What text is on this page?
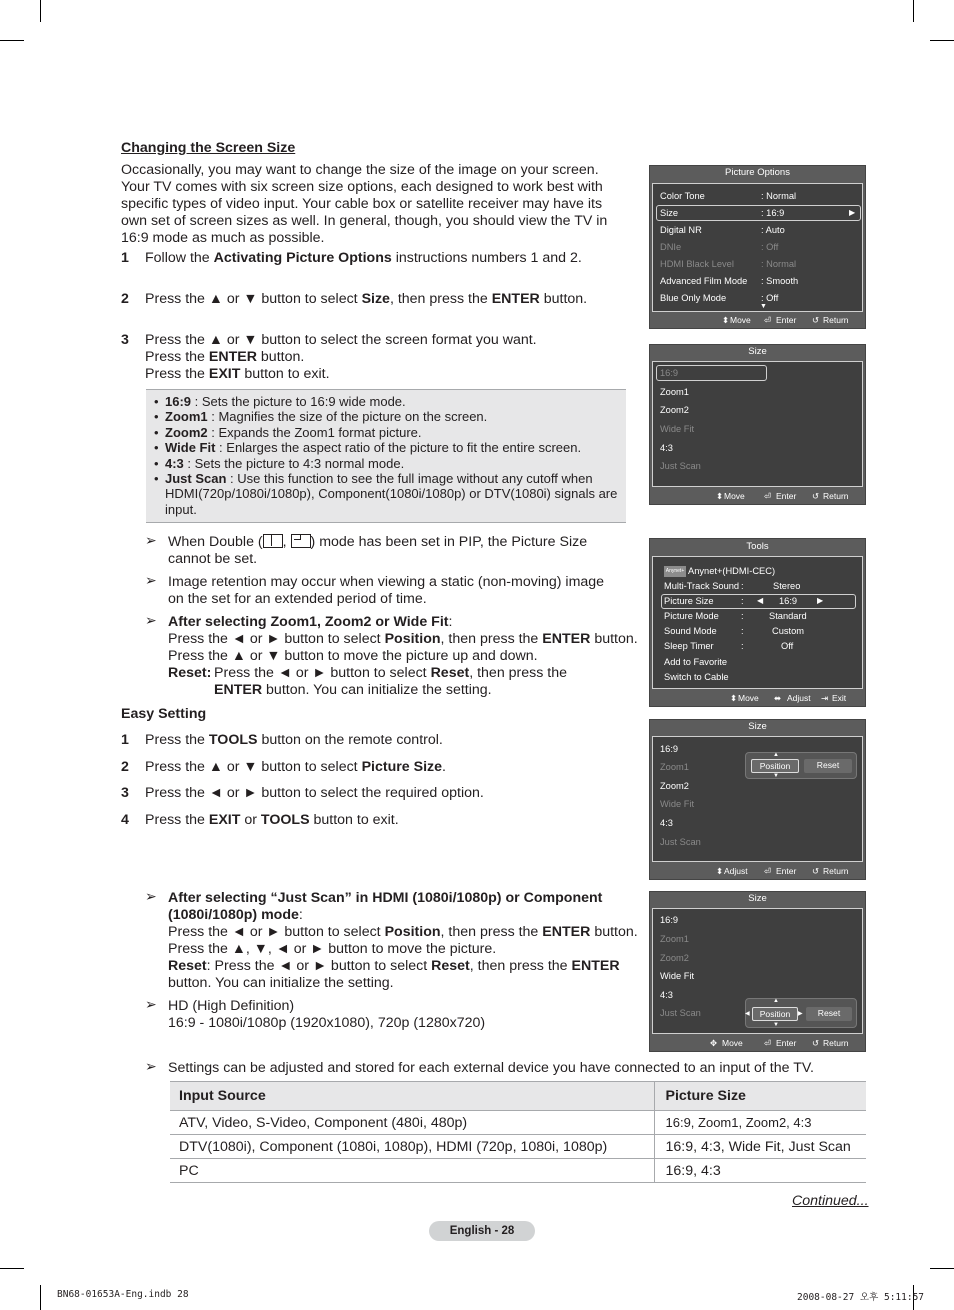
Changing the Screen Size
Occasionally, you may want to change the size of the image on your screen. Your TV comes with six screen size options, each designed to work best with specific types of video input. Your cable box or satellite receiver may have its own set of screen sizes as well. In general, though, you should view the TV in 16:9 mode as much as possible.
1	Follow the Activating Picture Options instructions numbers 1 and 2.
2	Press the ▲ or ▼ button to select Size, then press the ENTER button.
3	Press the ▲ or ▼ button to select the screen format you want.
Press the ENTER button.
Press the EXIT button to exit.
• 16:9 : Sets the picture to 16:9 wide mode.
• Zoom1 : Magnifies the size of the picture on the screen.
• Zoom2 : Expands the Zoom1 format picture.
• Wide Fit : Enlarges the aspect ratio of the picture to fit the entire screen.
• 4:3 : Sets the picture to 4:3 normal mode.
• Just Scan : Use this function to see the full image without any cutoff when HDMI(720p/1080i/1080p), Component(1080i/1080p) or DTV(1080i) signals are input.
➢ When Double ( ,
) mode has been set in PIP, the Picture Size cannot be set.
➢ Image retention may occur when viewing a static (non-moving) image on the set for an extended period of time.
➢ After selecting Zoom1, Zoom2 or Wide Fit:
Press the ◄ or ► button to select Position, then press the ENTER button.
Press the ▲ or ▼ button to move the picture up and down.
Reset: Press the ◄ or ► button to select Reset, then press the ENTER button. You can initialize the setting.
Easy Setting
1	Press the TOOLS button on the remote control.
2	Press the ▲ or ▼ button to select Picture Size.
3	Press the ◄ or ► button to select the required option.
4	Press the EXIT or TOOLS button to exit.
➢ After selecting “Just Scan” in HDMI (1080i/1080p) or Component (1080i/1080p) mode:
Press the ◄ or ► button to select Position, then press the ENTER button.
Press the ▲, ▼, ◄ or ► button to move the picture.
Reset: Press the ◄ or ► button to select Reset, then press the ENTER button. You can initialize the setting.
➢ HD (High Definition)
16:9 - 1080i/1080p (1920x1080), 720p (1280x720)
➢ Settings can be adjusted and stored for each external device you have connected to an input of the TV.
Input Source	Picture Size
ATV, Video, S-Video, Component (480i, 480p)	16:9, Zoom1, Zoom2, 4:3
DTV(1080i), Component (1080i, 1080p), HDMI (720p, 1080i, 1080p)	16:9, 4:3, Wide Fit, Just Scan
PC	16:9, 4:3
Continued...
English - 28
BN68-01653A-Eng.indb 28	2008-08-27 오후 5:11:57
Picture Options
Color Tone	: Normal
Size	: 16:9	▶
Digital NR	: Auto
DNIe	: Off
HDMI Black Level	: Normal
Advanced Film Mode : Smooth
Blue Only Mode	: Off
▼
⬍ Move ⏎ Enter ↺ Return
Size
16:9
Zoom1
Zoom2
Wide Fit
4:3
Just Scan
⬍ Move ⏎ Enter ↺ Return
Tools
Anynet+ Anynet+(HDMI-CEC)
Multi-Track Sound :	Stereo
Picture Size	: ◀ 16:9 ▶
Picture Mode :	Standard
Sound Mode	:	Custom
Sleep Timer	:	Off
Add to Favorite
Switch to Cable
⬍ Move ⬌ Adjust ⇥ Exit
Size
16:9
Zoom1
Zoom2
Wide Fit
4:3
Just Scan
▲
Position	Reset
▼
⬍ Adjust ⏎ Enter ↺ Return
Size
16:9
Zoom1
Zoom2
Wide Fit
4:3
Just Scan
▲
◀	Position	▶	Reset
▼
✥ Move ⏎ Enter ↺ Return
